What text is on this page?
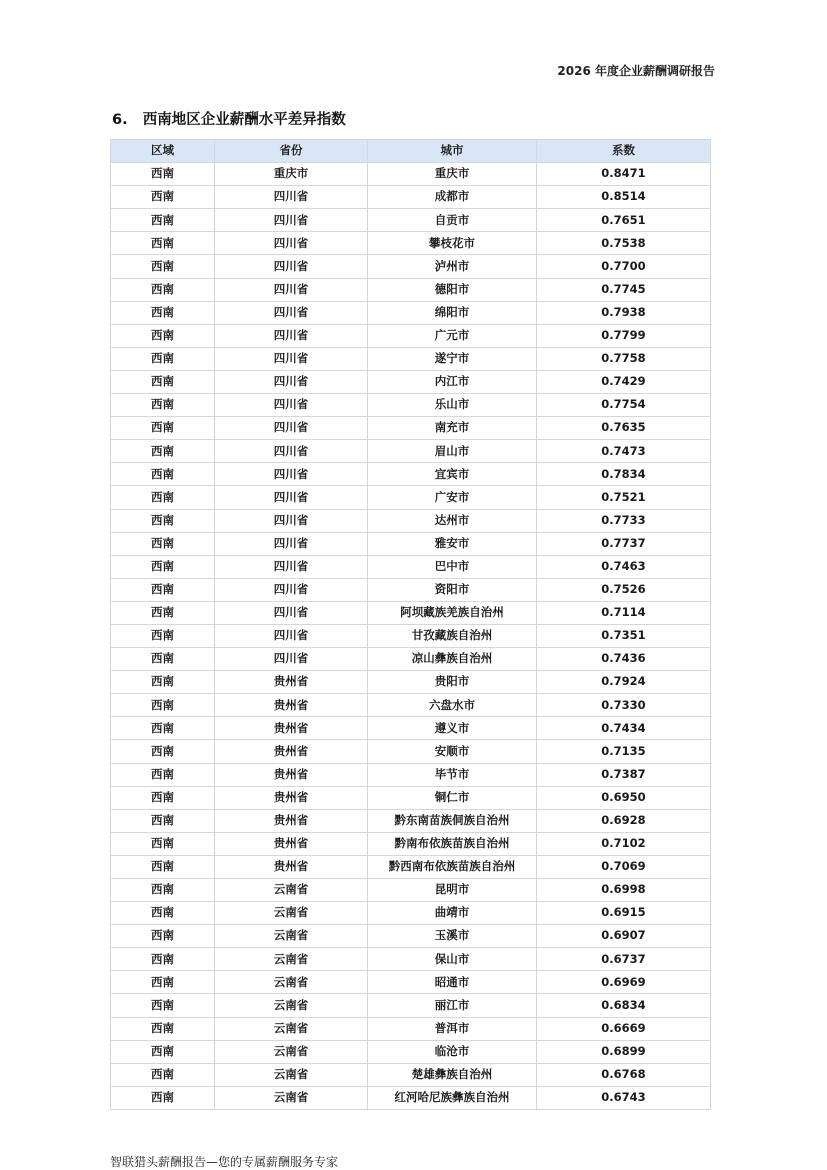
2026 年度企业薪酬调研报告
6.   西南地区企业薪酬水平差异指数
区域	省份	城市	系数
西南	重庆市	重庆市	0.8471
西南	四川省	成都市	0.8514
西南	四川省	自贡市	0.7651
西南	四川省	攀枝花市	0.7538
西南	四川省	泸州市	0.7700
西南	四川省	德阳市	0.7745
西南	四川省	绵阳市	0.7938
西南	四川省	广元市	0.7799
西南	四川省	遂宁市	0.7758
西南	四川省	内江市	0.7429
西南	四川省	乐山市	0.7754
西南	四川省	南充市	0.7635
西南	四川省	眉山市	0.7473
西南	四川省	宜宾市	0.7834
西南	四川省	广安市	0.7521
西南	四川省	达州市	0.7733
西南	四川省	雅安市	0.7737
西南	四川省	巴中市	0.7463
西南	四川省	资阳市	0.7526
西南	四川省	阿坝藏族羌族自治州	0.7114
西南	四川省	甘孜藏族自治州	0.7351
西南	四川省	凉山彝族自治州	0.7436
西南	贵州省	贵阳市	0.7924
西南	贵州省	六盘水市	0.7330
西南	贵州省	遵义市	0.7434
西南	贵州省	安顺市	0.7135
西南	贵州省	毕节市	0.7387
西南	贵州省	铜仁市	0.6950
西南	贵州省	黔东南苗族侗族自治州	0.6928
西南	贵州省	黔南布依族苗族自治州	0.7102
西南	贵州省	黔西南布依族苗族自治州	0.7069
西南	云南省	昆明市	0.6998
西南	云南省	曲靖市	0.6915
西南	云南省	玉溪市	0.6907
西南	云南省	保山市	0.6737
西南	云南省	昭通市	0.6969
西南	云南省	丽江市	0.6834
西南	云南省	普洱市	0.6669
西南	云南省	临沧市	0.6899
西南	云南省	楚雄彝族自治州	0.6768
西南	云南省	红河哈尼族彝族自治州	0.6743
智联猎头薪酬报告—您的专属薪酬服务专家
